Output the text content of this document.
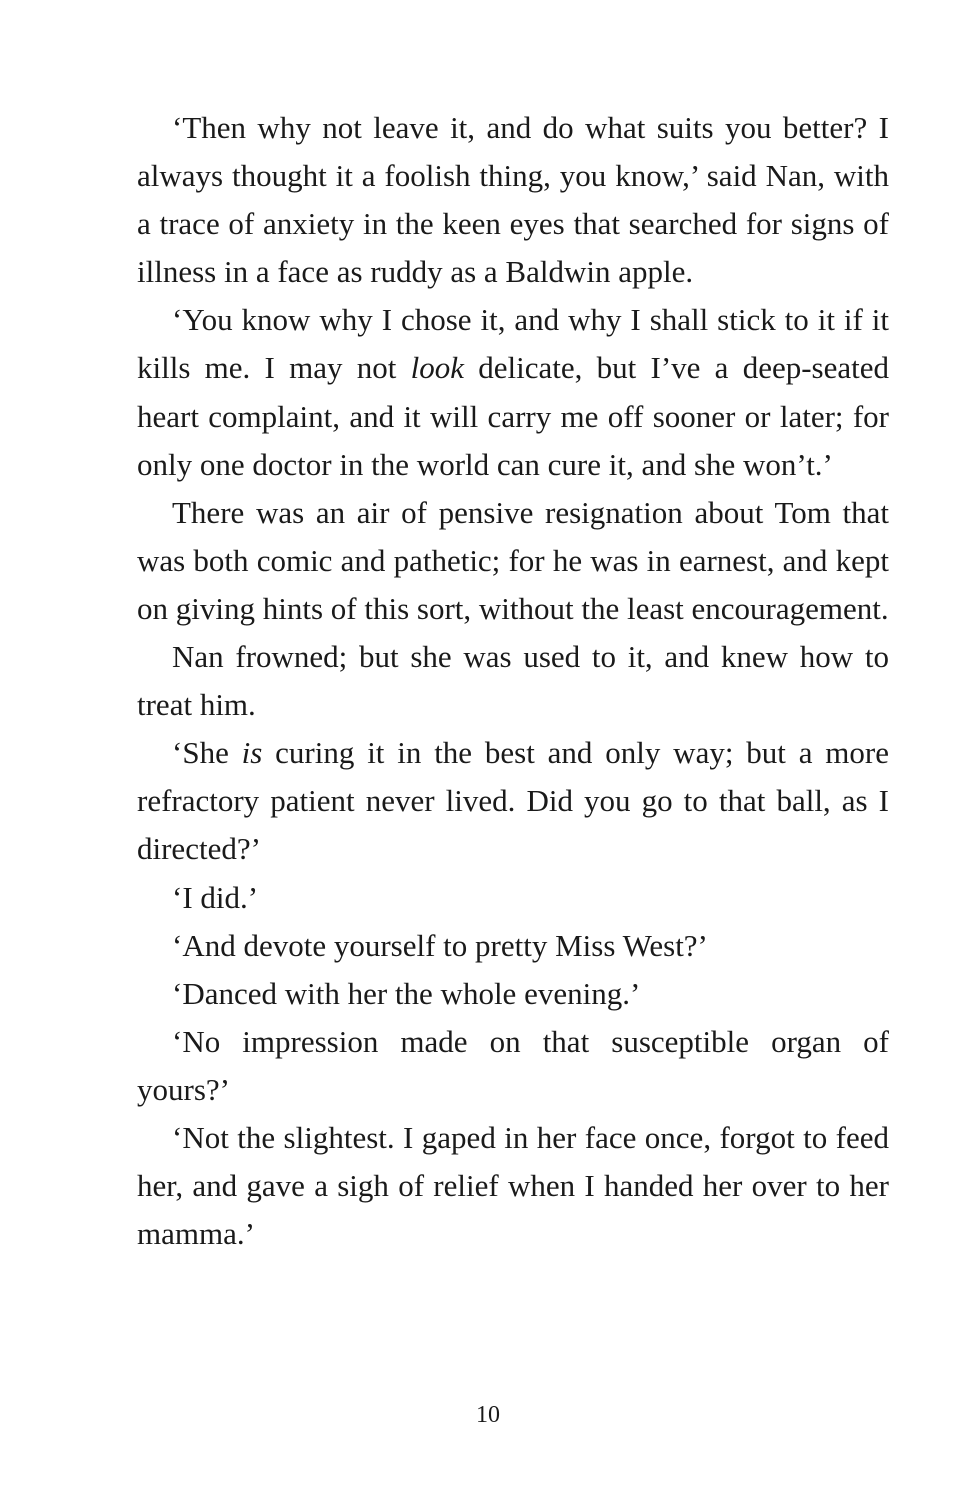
‘Then why not leave it, and do what suits you better? I always thought it a foolish thing, you know,’ said Nan, with a trace of anxiety in the keen eyes that searched for signs of illness in a face as ruddy as a Baldwin apple.

‘You know why I chose it, and why I shall stick to it if it kills me. I may not look delicate, but I’ve a deep-seated heart complaint, and it will carry me off sooner or later; for only one doctor in the world can cure it, and she won’t.’

There was an air of pensive resignation about Tom that was both comic and pathetic; for he was in earnest, and kept on giving hints of this sort, without the least encouragement.

Nan frowned; but she was used to it, and knew how to treat him.

‘She is curing it in the best and only way; but a more refractory patient never lived. Did you go to that ball, as I directed?’

‘I did.’

‘And devote yourself to pretty Miss West?’

‘Danced with her the whole evening.’

‘No impression made on that susceptible organ of yours?’

‘Not the slightest. I gaped in her face once, forgot to feed her, and gave a sigh of relief when I handed her over to her mamma.’

10
